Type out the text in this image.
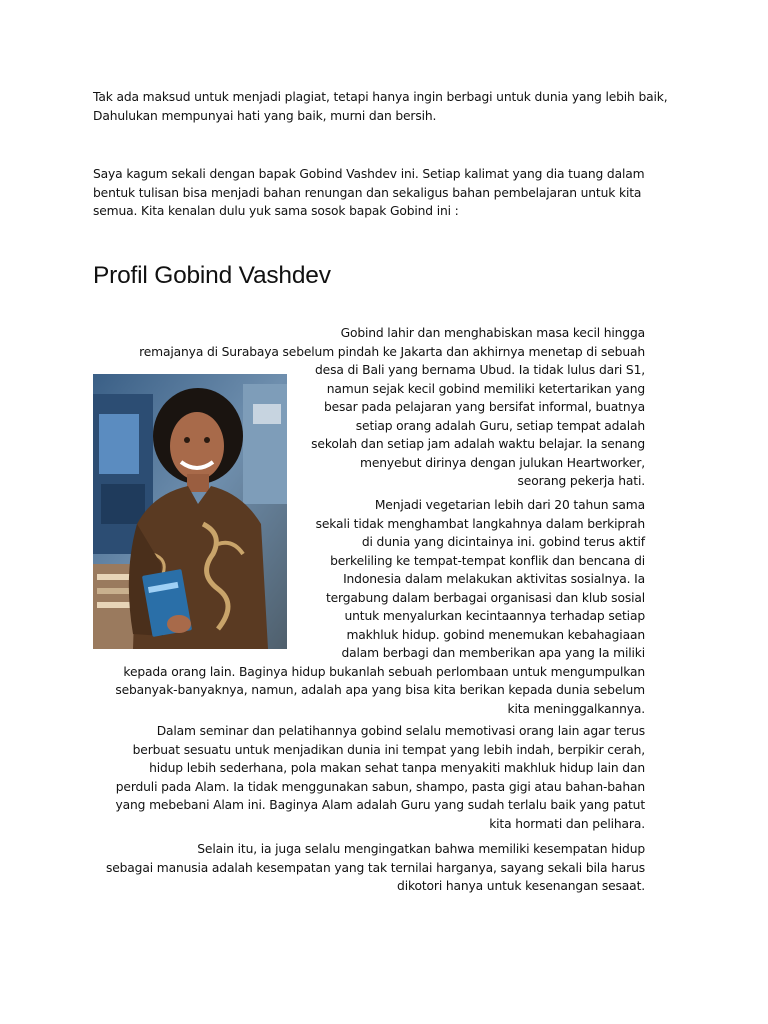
Tak ada maksud untuk menjadi plagiat, tetapi hanya ingin berbagi untuk dunia yang lebih baik, Dahulukan mempunyai hati yang baik, murni dan bersih.

Saya kagum sekali dengan bapak Gobind Vashdev ini. Setiap kalimat yang dia tuang dalam bentuk tulisan bisa menjadi bahan renungan dan sekaligus bahan pembelajaran untuk kita semua. Kita kenalan dulu yuk sama sosok bapak Gobind ini :

Profil Gobind Vashdev
Gobind lahir dan menghabiskan masa kecil hingga
remajanya di Surabaya sebelum pindah ke Jakarta dan akhirnya menetap di sebuah
desa di Bali yang bernama Ubud. Ia tidak lulus dari S1,
namun sejak kecil gobind memiliki ketertarikan yang
besar pada pelajaran yang bersifat informal, buatnya
setiap orang adalah Guru, setiap tempat adalah
sekolah dan setiap jam adalah waktu belajar. Ia senang
menyebut dirinya dengan julukan Heartworker,
seorang pekerja hati.
Menjadi vegetarian lebih dari 20 tahun sama
sekali tidak menghambat langkahnya dalam berkiprah
di dunia yang dicintainya ini. gobind terus aktif
berkeliling ke tempat-tempat konflik dan bencana di
Indonesia dalam melakukan aktivitas sosialnya. Ia
tergabung dalam berbagai organisasi dan klub sosial
untuk menyalurkan kecintaannya terhadap setiap
makhluk hidup. gobind menemukan kebahagiaan
dalam berbagi dan memberikan apa yang Ia miliki
kepada orang lain. Baginya hidup bukanlah sebuah perlombaan untuk mengumpulkan
sebanyak-banyaknya, namun, adalah apa yang bisa kita berikan kepada dunia sebelum
kita meninggalkannya.
Dalam seminar dan pelatihannya gobind selalu memotivasi orang lain agar terus
berbuat sesuatu untuk menjadikan dunia ini tempat yang lebih indah, berpikir cerah,
hidup lebih sederhana, pola makan sehat tanpa menyakiti makhluk hidup lain dan
perduli pada Alam. Ia tidak menggunakan sabun, shampo, pasta gigi atau bahan-bahan
yang mebebani Alam ini. Baginya Alam adalah Guru yang sudah terlalu baik yang patut
kita hormati dan pelihara.
Selain itu, ia juga selalu mengingatkan bahwa memiliki kesempatan hidup
sebagai manusia adalah kesempatan yang tak ternilai harganya, sayang sekali bila harus
dikotori hanya untuk kesenangan sesaat.
